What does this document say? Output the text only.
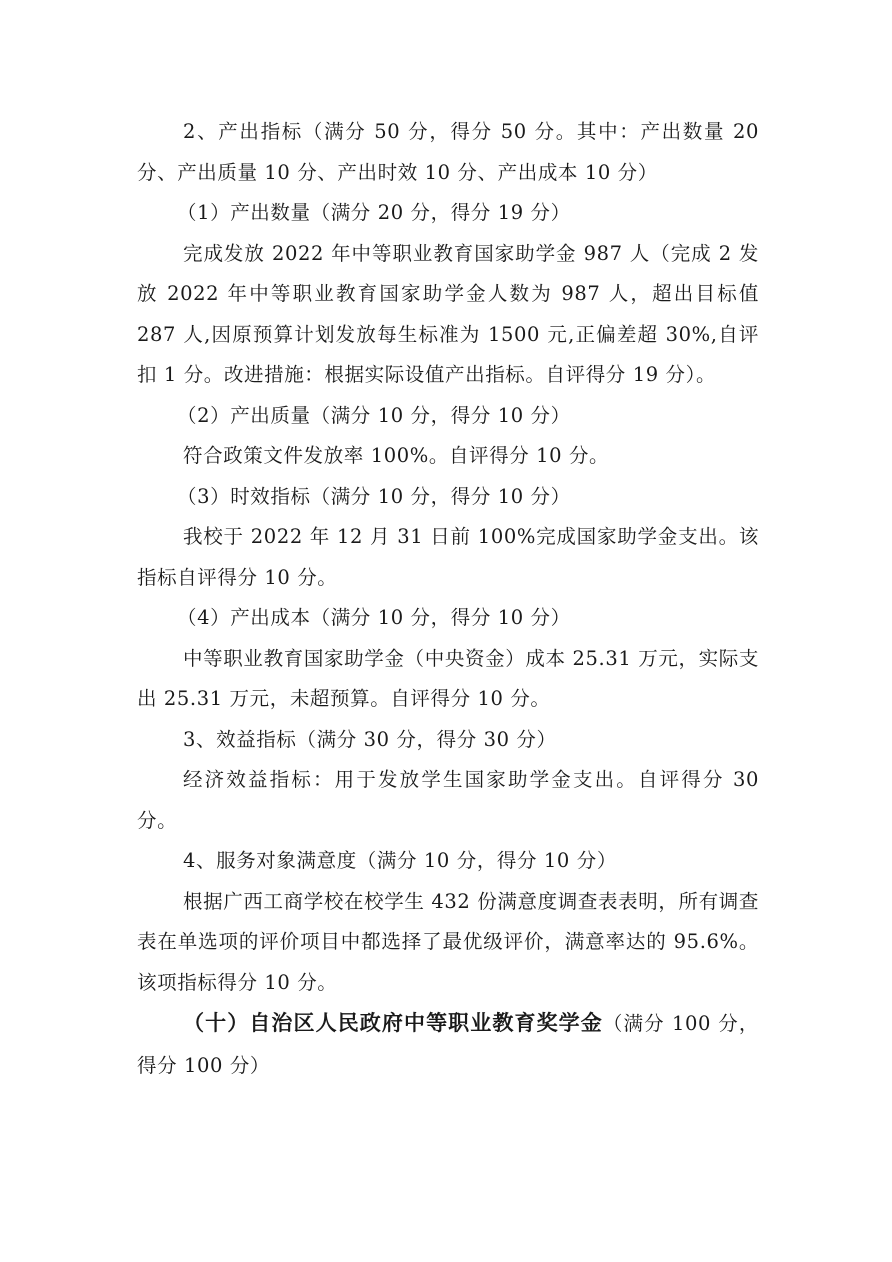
2、产出指标（满分 50 分，得分 50 分。其中：产出数量 20 分、产出质量 10 分、产出时效 10 分、产出成本 10 分）

（1）产出数量（满分 20 分，得分 19 分）

完成发放 2022 年中等职业教育国家助学金 987 人（完成 2 发放 2022 年中等职业教育国家助学金人数为 987 人，超出目标值 287 人,因原预算计划发放每生标准为 1500 元,正偏差超 30%,自评扣 1 分。改进措施：根据实际设值产出指标。自评得分 19 分）。

（2）产出质量（满分 10 分，得分 10 分）

符合政策文件发放率 100%。自评得分 10 分。

（3）时效指标（满分 10 分，得分 10 分）

我校于 2022 年 12 月 31 日前 100%完成国家助学金支出。该指标自评得分 10 分。

（4）产出成本（满分 10 分，得分 10 分）

中等职业教育国家助学金（中央资金）成本 25.31 万元，实际支出 25.31 万元，未超预算。自评得分 10 分。

3、效益指标（满分 30 分，得分 30 分）

经济效益指标：用于发放学生国家助学金支出。自评得分 30 分。

4、服务对象满意度（满分 10 分，得分 10 分）

根据广西工商学校在校学生 432 份满意度调查表表明，所有调查表在单选项的评价项目中都选择了最优级评价，满意率达的 95.6%。该项指标得分 10 分。

（十）自治区人民政府中等职业教育奖学金（满分 100 分，得分 100 分）
